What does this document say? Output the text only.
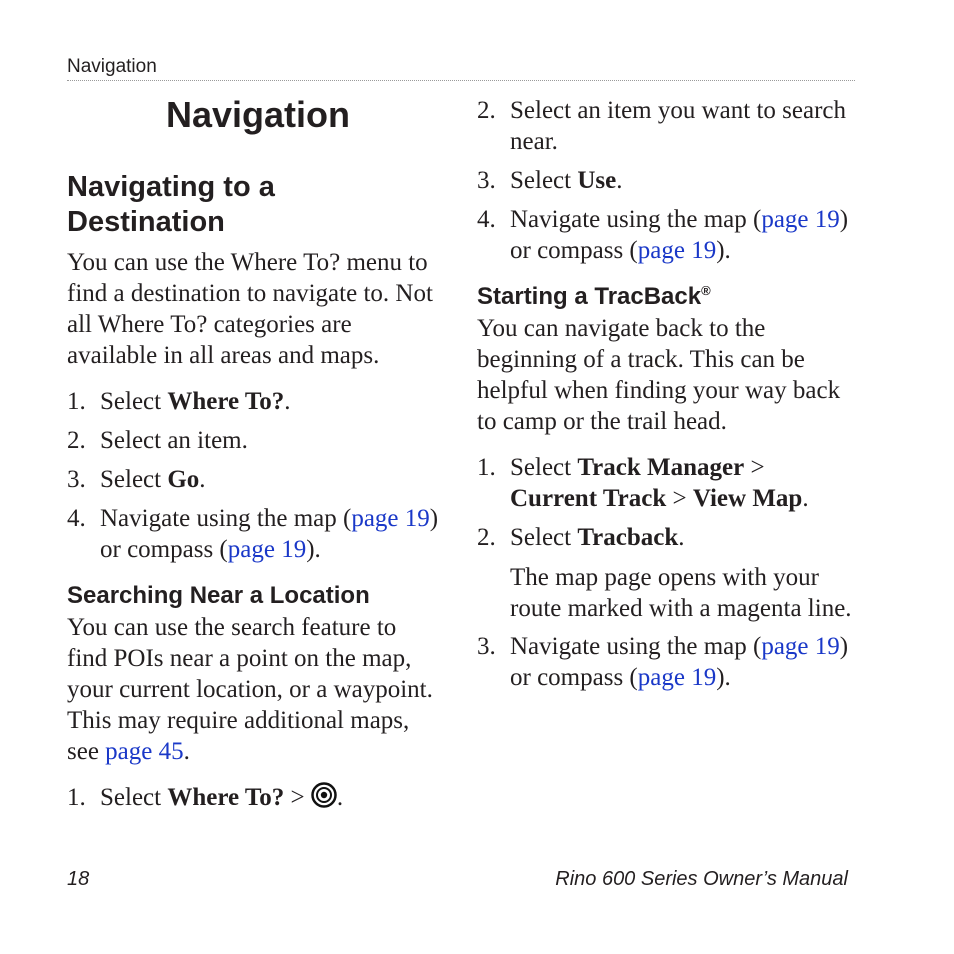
Navigation
Navigation
Navigating to a
Destination
You can use the Where To? menu to find a destination to navigate to. Not all Where To? categories are available in all areas and maps.
1. Select Where To?.
2. Select an item.
3. Select Go.
4. Navigate using the map (page 19) or compass (page 19).
Searching Near a Location
You can use the search feature to find POIs near a point on the map, your current location, or a waypoint. This may require additional maps, see page 45.
1. Select Where To? > .
2. Select an item you want to search near.
3. Select Use.
4. Navigate using the map (page 19) or compass (page 19).
Starting a TracBack®
You can navigate back to the beginning of a track. This can be helpful when finding your way back to camp or the trail head.
1. Select Track Manager > Current Track > View Map.
2. Select Tracback.
The map page opens with your route marked with a magenta line.
3. Navigate using the map (page 19) or compass (page 19).
18	Rino 600 Series Owner’s Manual
